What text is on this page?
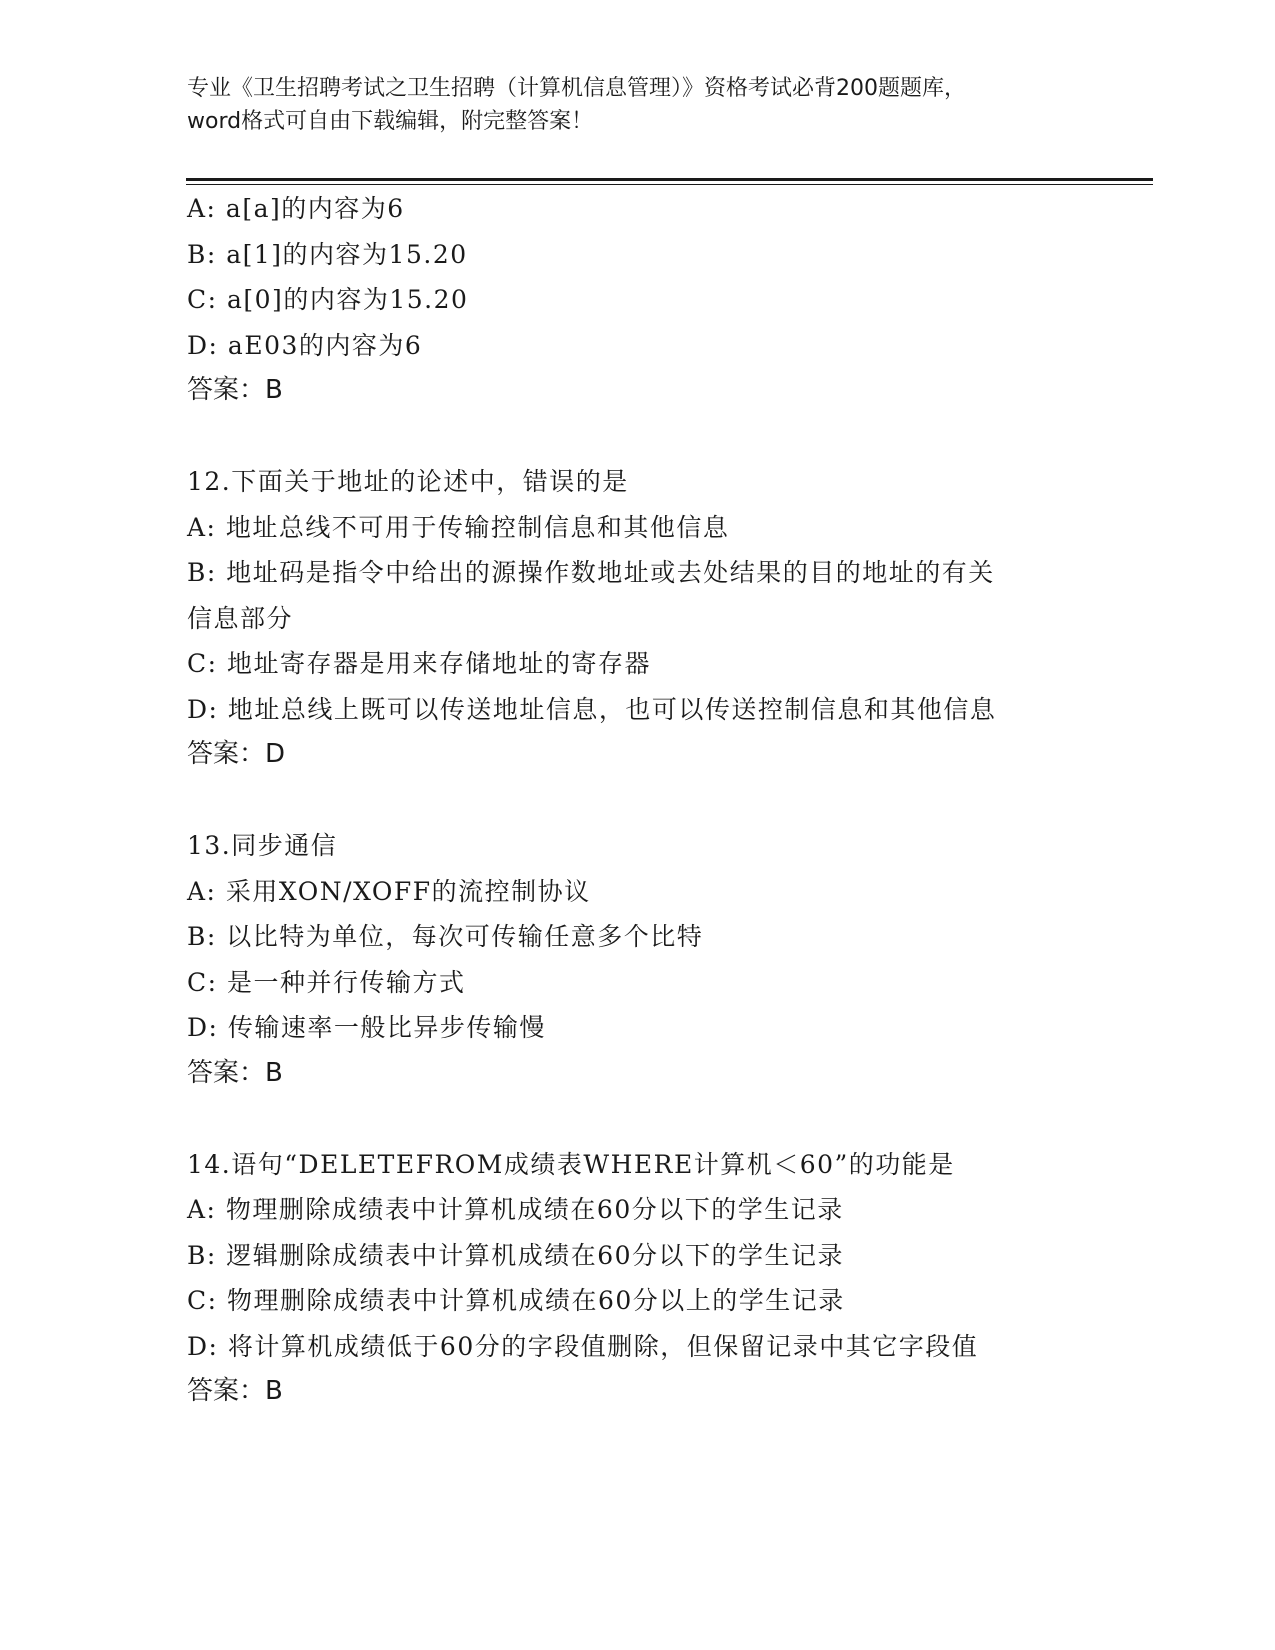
专业《卫生招聘考试之卫生招聘（计算机信息管理）》资格考试必背200题题库，
word格式可自由下载编辑，附完整答案！
A: a[a]的内容为6
B: a[1]的内容为15.20
C: a[0]的内容为15.20
D: aE03的内容为6
答案：B
12.下面关于地址的论述中，错误的是
A: 地址总线不可用于传输控制信息和其他信息
B: 地址码是指令中给出的源操作数地址或去处结果的目的地址的有关
信息部分
C: 地址寄存器是用来存储地址的寄存器
D: 地址总线上既可以传送地址信息，也可以传送控制信息和其他信息
答案：D
13.同步通信
A: 采用XON/XOFF的流控制协议
B: 以比特为单位，每次可传输任意多个比特
C: 是一种并行传输方式
D: 传输速率一般比异步传输慢
答案：B
14.语句“DELETEFROM成绩表WHERE计算机＜60”的功能是
A: 物理删除成绩表中计算机成绩在60分以下的学生记录
B: 逻辑删除成绩表中计算机成绩在60分以下的学生记录
C: 物理删除成绩表中计算机成绩在60分以上的学生记录
D: 将计算机成绩低于60分的字段值删除，但保留记录中其它字段值
答案：B
